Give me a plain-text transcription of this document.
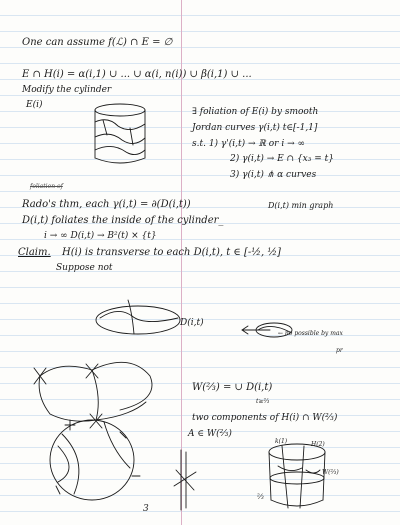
One can assume f(ℒ) ∩ E = ∅
E ∩ H(i) = α(i,1) ∪ ... ∪ α(i, n(i)) ∪ β(i,1) ∪ ...
Modify the cylinder
E(i)
∃ foliation of E(i) by smooth
Jordan curves γ(i,t) t∈[-1,1]
s.t. 1) γ'(i,t) → ℝ or i → ∞
2) γ(i,t) → E ∩ {x₃ = t}
3) γ(i,t) ⋔ α curves
foliation of
Rado's thm, each γ(i,t) = ∂(D(i,t))	D(i,t) min graph
D(i,t) foliates the inside of the cylinder_
i → ∞ D(i,t) → B²(t) × {t}
Claim. H(i) is transverse to each D(i,t), t ∈ [-½, ½]
Suppose not
D(i,t)
← no possible by max
pr
W(⅔) = ∪ D(i,t)
t≥⅔
two components of H(i) ∩ W(⅔)
A ∈ W(⅔)
k(1)	H(2)
W(⅔)
⅔
3
